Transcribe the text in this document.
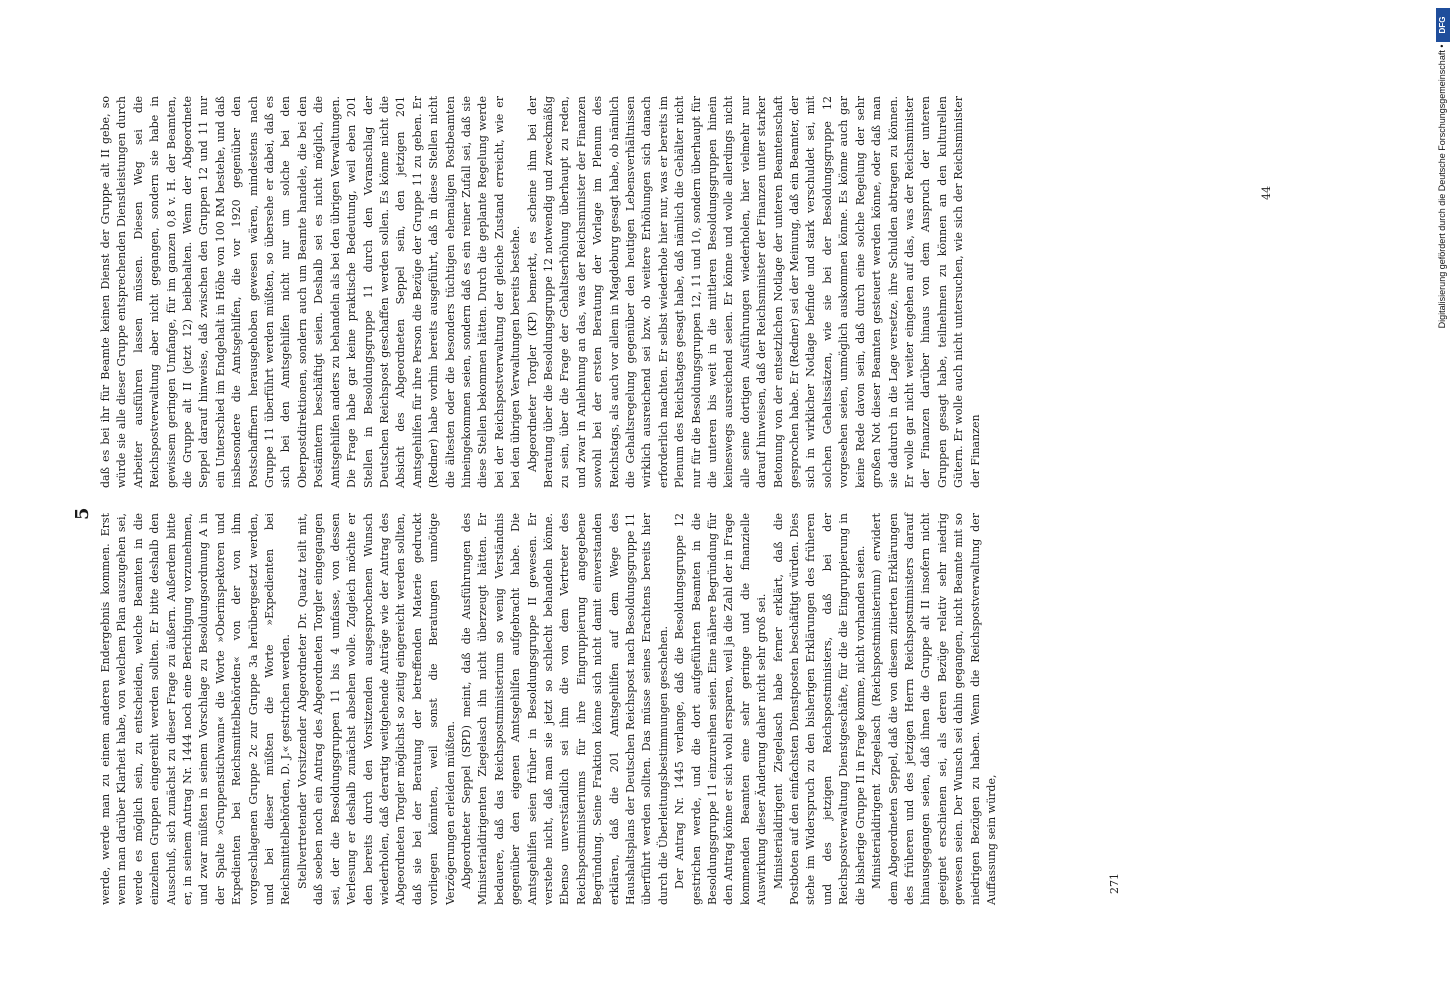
5 werde, werde man zu einem anderen Endergebnis kommen. Erst wenn man darüber Klarheit habe, von welchem Plan auszugehen sei, werde es möglich sein, zu entscheiden, welche Beamten in die einzelnen Gruppen eingereiht werden sollten. Er bitte deshalb den Ausschuß, sich zunächst zu dieser Frage zu äußern. Außerdem bitte er, in seinem Antrag Nr. 1444 noch eine Berichtigung vorzunehmen, und zwar müßten in seinem Vorschlage zu Besoldungsordnung A in der Spalte »Gruppenstichwann« die Worte »Oberinspektoren und Expedienten bei Reichsmittelbehörden« von der von ihm vorgeschlagenen Gruppe 2c zur Gruppe 3a herübergesetzt werden, und bei dieser müßten die Worte »Expedienten bei Reichsmittelbehörden, D. J.« gestrichen werden. Stellvertretender Vorsitzender Abgeordneter Dr. Quaatz teilt mit, daß soeben noch ein Antrag des Abgeordneten Torgler eingegangen sei, der die Besoldungsgruppen 11 bis 4 umfasse, von dessen Verlesung er deshalb zunächst absehen wolle. Zugleich möchte er den bereits durch den Vorsitzenden ausgesprochenen Wunsch wiederholen, daß derartig weitgehende Anträge wie der Antrag des Abgeordneten Torgler möglichst so zeitig eingereicht werden sollten, daß sie bei der Beratung der betreffenden Materie gedruckt vorliegen könnten, weil sonst die Beratungen unnötige Verzögerungen erleiden müßten. Abgeordneter Seppel (SPD) meint, daß die Ausführungen des Ministerialdirigenten Ziegelasch ihn nicht überzeugt hätten. Er bedauere, daß das Reichspostministerium so wenig Verständnis gegenüber den eigenen Amtsgehilfen aufgebracht habe. Die Amtsgehilfen seien früher in Besoldungsgruppe II gewesen. Er verstehe nicht, daß man sie jetzt so schlecht behandeln könne. Ebenso unverständlich sei ihm die von dem Vertreter des Reichspostministeriums für ihre Eingruppierung angegebene Begründung. Seine Fraktion könne sich nicht damit einverstanden erklären, daß die 201 Amtsgehilfen auf dem Wege des Haushaltsplans der Deutschen Reichspost nach Besoldungsgruppe 11 überführt werden sollten. Das müsse seines Erachtens bereits hier durch die Überleitungsbestimmungen geschehen. Der Antrag Nr. 1445 verlange, daß die Besoldungsgruppe 12 gestrichen werde, und die dort aufgeführten Beamten in die Besoldungsgruppe 11 einzureihen seien. Eine nähere Begründung für den Antrag könne er sich wohl ersparen, weil ja die Zahl der in Frage kommenden Beamten eine sehr geringe und die finanzielle Auswirkung dieser Änderung daher nicht sehr groß sei. Ministerialdirigent Ziegelasch habe ferner erklärt, daß die Postboten auf den einfachsten Dienstposten beschäftigt würden. Dies stehe im Widerspruch zu den bisherigen Erklärungen des früheren und des jetzigen Reichspostministers, daß bei der Reichspostverwaltung Dienstgeschäfte, für die die Eingruppierung in die bisherige Gruppe II in Frage komme, nicht vorhanden seien. Ministerialdirigent Ziegelasch (Reichspostministerium) erwidert dem Abgeordneten Seppel, daß die von diesem zitierten Erklärungen des früheren und des jetzigen Herrn Reichspostministers darauf hinausgegangen seien, daß ihnen die Gruppe alt II insofern nicht geeignet erschienen sei, als deren Bezüge relativ sehr niedrig gewesen seien. Der Wunsch sei dahin gegangen, nicht Beamte mit so niedrigen Bezügen zu haben. Wenn die Reichspostverwaltung der Auffassung sein würde,

daß es bei ihr für Beamte keinen Dienst der Gruppe alt II gebe, so würde sie alle dieser Gruppe entsprechenden Dienstleistungen durch Arbeiter ausführen lassen müssen. Diesen Weg sei die Reichspostverwaltung aber nicht gegangen, sondern sie habe in gewissem geringen Umfange, für im ganzen 0,8 v. H. der Beamten, die Gruppe alt II (jetzt 12) beibehalten. Wenn der Abgeordnete Seppel darauf hinweise, daß zwischen den Gruppen 12 und 11 nur ein Unterschied im Endgehalt in Höhe von 100 RM bestehe, und daß insbesondere die Amtsgehilfen, die vor 1920 gegenüber den Postschaffnern herausgehoben gewesen wären, mindestens nach Gruppe 11 überführt werden müßten, so übersehe er dabei, daß es sich bei den Amtsgehilfen nicht nur um solche bei den Oberpostdirektionen, sondern auch um Beamte handele, die bei den Postämtern beschäftigt seien. Deshalb sei es nicht möglich, die Amtsgehilfen anders zu behandeln als bei den übrigen Verwaltungen. Die Frage habe gar keine praktische Bedeutung, weil eben 201 Stellen in Besoldungsgruppe 11 durch den Voranschlag der Deutschen Reichspost geschaffen werden sollen. Es könne nicht die Absicht des Abgeordneten Seppel sein, den jetzigen 201 Amtsgehilfen für ihre Person die Bezüge der Gruppe 11 zu geben. Er (Redner) habe vorhin bereits ausgeführt, daß in diese Stellen nicht die ältesten oder die besonders tüchtigen ehemaligen Postbeamten hineingekommen seien, sondern daß es ein reiner Zufall sei, daß sie diese Stellen bekommen hätten. Durch die geplante Regelung werde bei der Reichspostverwaltung der gleiche Zustand erreicht, wie er bei den übrigen Verwaltungen bereits bestehe. Abgeordneter Torgler (KP) bemerkt, es scheine ihm bei der Beratung über die Besoldungsgruppe 12 notwendig und zweckmäßig zu sein, über die Frage der Gehaltserhöhung überhaupt zu reden, und zwar in Anlehnung an das, was der Reichsminister der Finanzen sowohl bei der ersten Beratung der Vorlage im Plenum des Reichstags, als auch vor allem in Magdeburg gesagt habe, ob nämlich die Gehaltsregelung gegenüber den heutigen Lebensverhältnissen wirklich ausreichend sei bzw. ob weitere Erhöhungen sich danach erforderlich machten. Er selbst wiederhole hier nur, was er bereits im Plenum des Reichstages gesagt habe, daß nämlich die Gehälter nicht nur für die Besoldungsgruppen 12, 11 und 10, sondern überhaupt für die unteren bis weit in die mittleren Besoldungsgruppen hinein keineswegs ausreichend seien. Er könne und wolle allerdings nicht alle seine dortigen Ausführungen wiederholen, hier vielmehr nur darauf hinweisen, daß der Reichsminister der Finanzen unter starker Betonung von der entsetzlichen Notlage der unteren Beamtenschaft gesprochen habe. Er (Redner) sei der Meinung, daß ein Beamter, der sich in wirklicher Notlage befinde und stark verschuldet sei, mit solchen Gehaltssätzen, wie sie bei der Besoldungsgruppe 12 vorgesehen seien, unmöglich auskommen könne. Es könne auch gar keine Rede davon sein, daß durch eine solche Regelung der sehr großen Not dieser Beamten gesteuert werden könne, oder daß man sie dadurch in die Lage versetze, ihre Schulden abtragen zu können. Er wolle gar nicht weiter eingehen auf das, was der Reichsminister der Finanzen darüber hinaus von dem Anspruch der unteren Gruppen gesagt habe, teilnehmen zu können an den kulturellen Gütern. Er wolle auch nicht untersuchen, wie sich der Reichsminister der Finanzen

271
44	Digitalisierung gefördert durch die Deutsche Forschungsgemeinschaft • DFG
